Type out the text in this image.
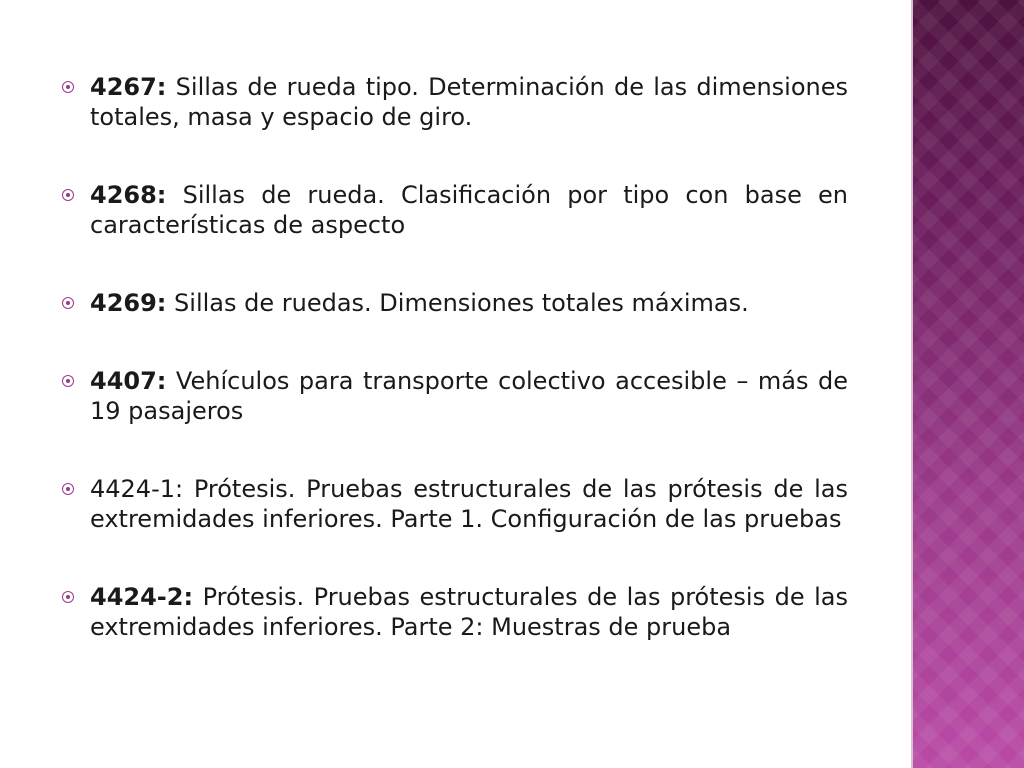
4267: Sillas de rueda tipo. Determinación de las dimensiones totales, masa y espacio de giro.
4268: Sillas de rueda. Clasificación por tipo con base en características de aspecto
4269: Sillas de ruedas. Dimensiones totales máximas.
4407: Vehículos para transporte colectivo accesible – más de 19 pasajeros
4424-1: Prótesis. Pruebas estructurales de las prótesis de las extremidades inferiores. Parte 1. Configuración de las pruebas
4424-2: Prótesis. Pruebas estructurales de las prótesis de las extremidades inferiores. Parte 2: Muestras de prueba
